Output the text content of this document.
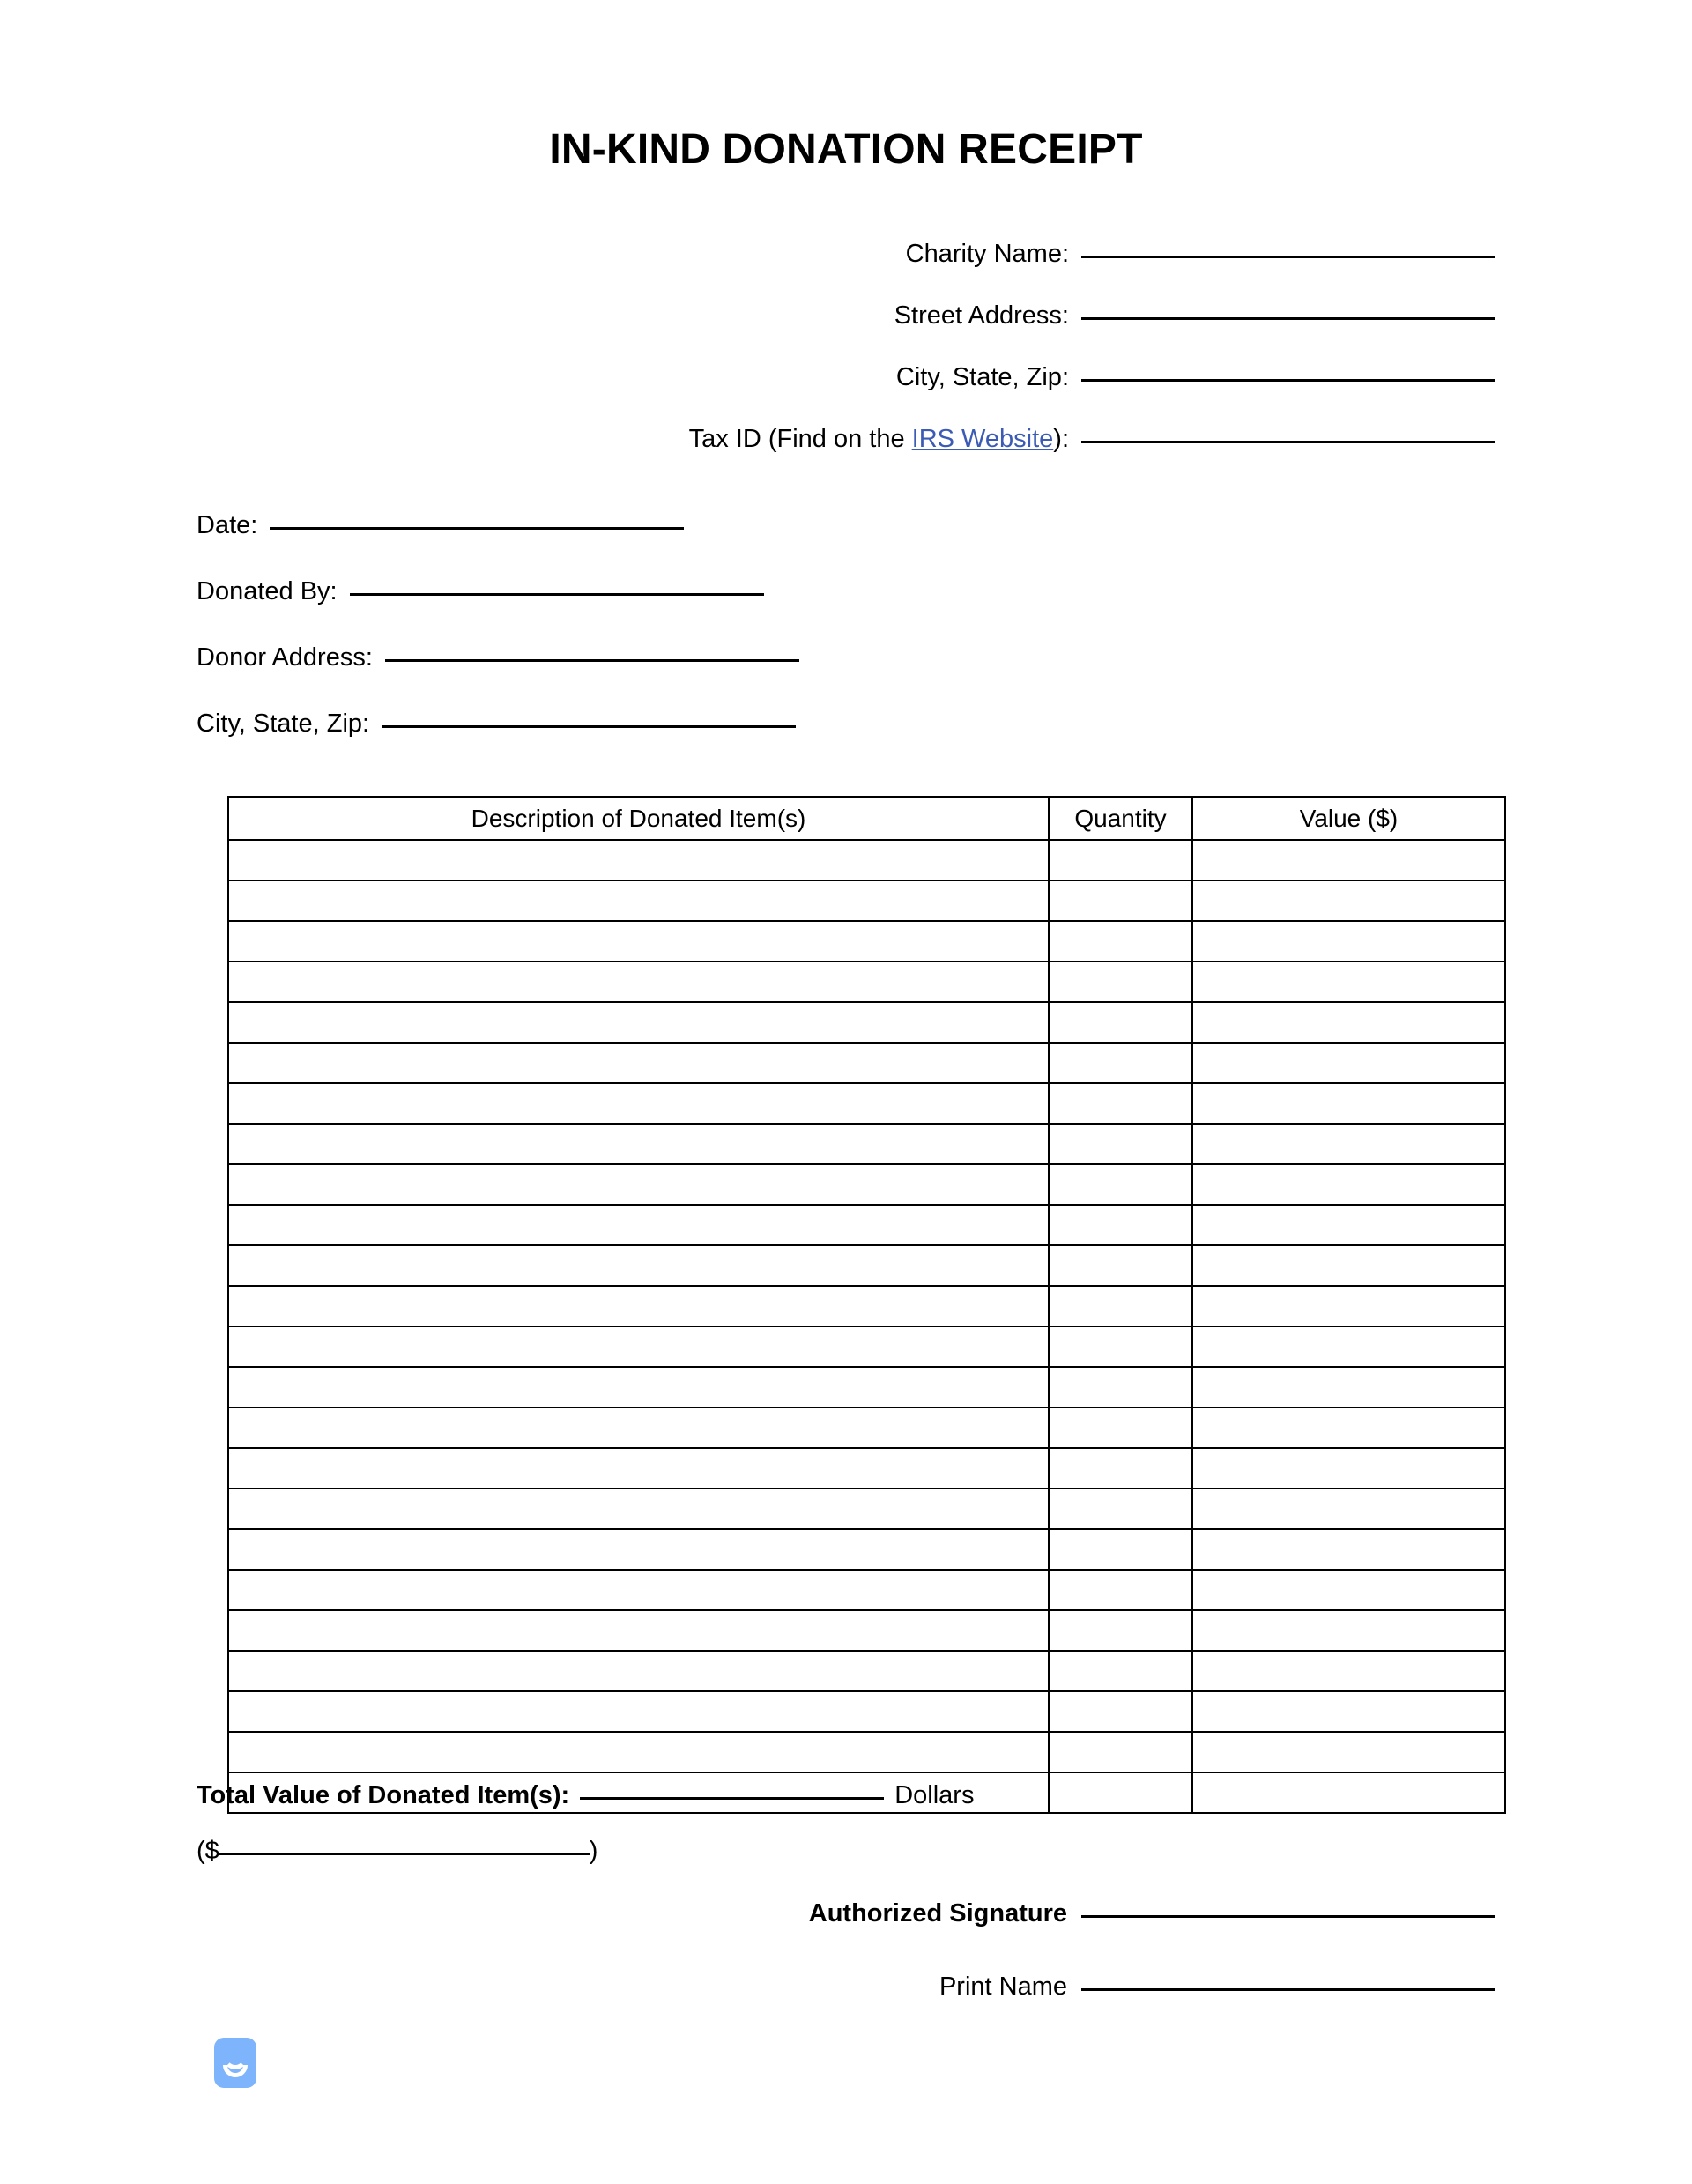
IN-KIND DONATION RECEIPT
Charity Name:
Street Address:
City, State, Zip:
Tax ID (Find on the IRS Website):
Date:
Donated By:
Donor Address:
City, State, Zip:
Description of Donated Item(s)	Quantity	Value ($)

Total Value of Donated Item(s):	Dollars
($	)
Authorized Signature
Print Name
